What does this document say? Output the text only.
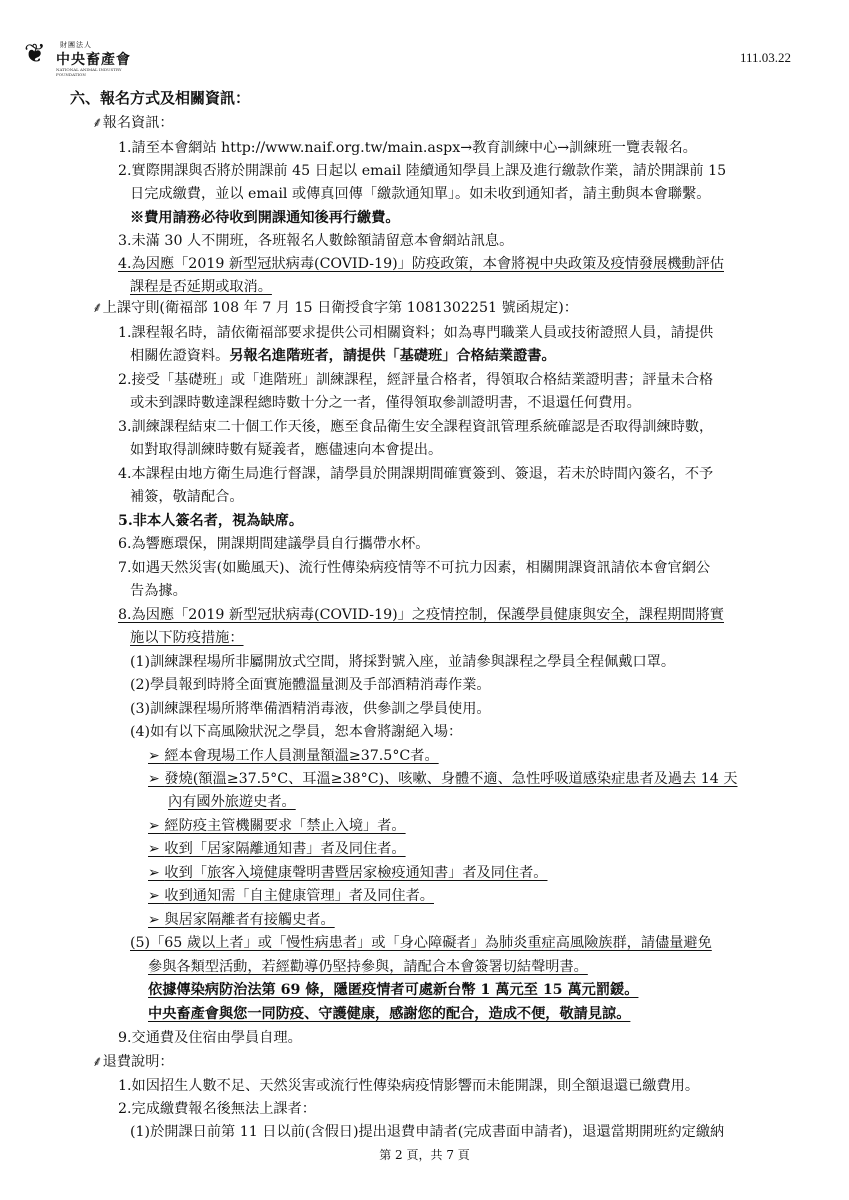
❦ 財團法人
中央畜產會
NATIONAL ANIMAL INDUSTRY FOUNDATION
111.03.22
六、報名方式及相關資訊：
⸙報名資訊：
1.請至本會網站 http://www.naif.org.tw/main.aspx→教育訓練中心→訓練班一覽表報名。
2.實際開課與否將於開課前 45 日起以 email 陸續通知學員上課及進行繳款作業，請於開課前 15
日完成繳費，並以 email 或傳真回傳「繳款通知單」。如未收到通知者，請主動與本會聯繫。
※費用請務必待收到開課通知後再行繳費。
3.未滿 30 人不開班，各班報名人數餘額請留意本會網站訊息。
4.為因應「2019 新型冠狀病毒(COVID-19)」防疫政策，本會將視中央政策及疫情發展機動評估
課程是否延期或取消。
⸙上課守則(衛福部 108 年 7 月 15 日衛授食字第 1081302251 號函規定)：
1.課程報名時，請依衛福部要求提供公司相關資料；如為專門職業人員或技術證照人員，請提供
相關佐證資料。另報名進階班者，請提供「基礎班」合格結業證書。
2.接受「基礎班」或「進階班」訓練課程，經評量合格者，得領取合格結業證明書；評量未合格
或未到課時數達課程總時數十分之一者，僅得領取參訓證明書，不退還任何費用。
3.訓練課程結束二十個工作天後，應至食品衛生安全課程資訊管理系統確認是否取得訓練時數，
如對取得訓練時數有疑義者，應儘速向本會提出。
4.本課程由地方衛生局進行督課，請學員於開課期間確實簽到、簽退，若未於時間內簽名，不予
補簽，敬請配合。
5.非本人簽名者，視為缺席。
6.為響應環保，開課期間建議學員自行攜帶水杯。
7.如遇天然災害(如颱風天)、流行性傳染病疫情等不可抗力因素，相關開課資訊請依本會官網公
告為據。
8.為因應「2019 新型冠狀病毒(COVID-19)」之疫情控制，保護學員健康與安全，課程期間將實
施以下防疫措施：
(1)訓練課程場所非屬開放式空間，將採對號入座，並請參與課程之學員全程佩戴口罩。
(2)學員報到時將全面實施體溫量測及手部酒精消毒作業。
(3)訓練課程場所將準備酒精消毒液，供參訓之學員使用。
(4)如有以下高風險狀況之學員，恕本會將謝絕入場：
➢ 經本會現場工作人員測量額溫≥37.5°C者。
➢ 發燒(額溫≥37.5°C、耳溫≥38°C)、咳嗽、身體不適、急性呼吸道感染症患者及過去 14 天
內有國外旅遊史者。
➢ 經防疫主管機關要求「禁止入境」者。
➢ 收到「居家隔離通知書」者及同住者。
➢ 收到「旅客入境健康聲明書暨居家檢疫通知書」者及同住者。
➢ 收到通知需「自主健康管理」者及同住者。
➢ 與居家隔離者有接觸史者。
(5)「65 歲以上者」或「慢性病患者」或「身心障礙者」為肺炎重症高風險族群，請儘量避免
參與各類型活動，若經勸導仍堅持參與，請配合本會簽署切結聲明書。
依據傳染病防治法第 69 條，隱匿疫情者可處新台幣 1 萬元至 15 萬元罰鍰。
中央畜產會與您一同防疫、守護健康，感謝您的配合，造成不便，敬請見諒。
9.交通費及住宿由學員自理。
⸙退費說明：
1.如因招生人數不足、天然災害或流行性傳染病疫情影響而未能開課，則全額退還已繳費用。
2.完成繳費報名後無法上課者：
(1)於開課日前第 11 日以前(含假日)提出退費申請者(完成書面申請者)，退還當期開班約定繳納
第 2 頁，共 7 頁
